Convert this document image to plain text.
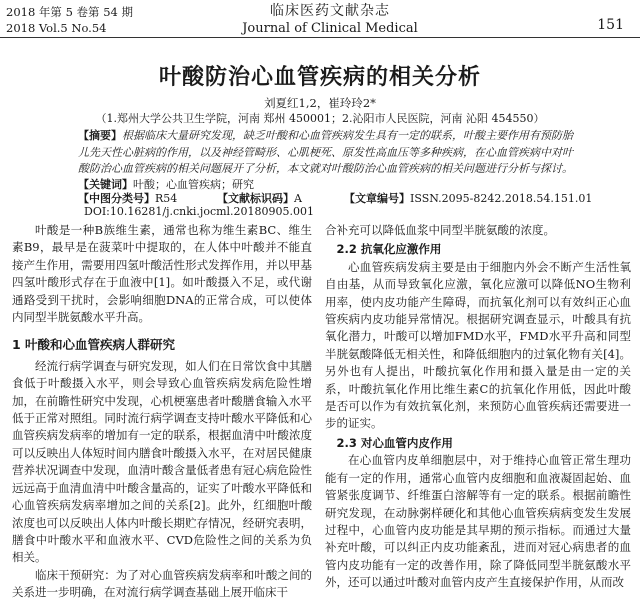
2018 年第 5 卷第 54 期
2018 Vol.5 No.54
临床医药文献杂志
Journal of Clinical Medical	151
叶酸防治心血管疾病的相关分析
刘夏红1,2，崔玲玲2*
（1.郑州大学公共卫生学院，河南 郑州 450001；2.沁阳市人民医院，河南 沁阳 454550）
【摘要】根据临床大量研究发现，缺乏叶酸和心血管疾病发生具有一定的联系，叶酸主要作用有预防胎儿先天性心脏病的作用，以及神经管畸形、心肌梗死、原发性高血压等多种疾病，在心血管疾病中对叶酸防治心血管疾病的相关问题展开了分析，本文就对叶酸防治心血管疾病的相关问题进行分析与探讨。
【关键词】叶酸；心血管疾病；研究
【中图分类号】R54	【文献标识码】A	【文章编号】ISSN.2095-8242.2018.54.151.01
DOI:10.16281/j.cnki.jocml.20180905.001

叶酸是一种B族维生素，通常也称为维生素BC、维生素B9，最早是在菠菜叶中提取的，在人体中叶酸并不能直接产生作用，需要用四氢叶酸活性形式发挥作用，并以甲基四氢叶酸形式存在于血液中[1]。如叶酸摄入不足，或代谢通路受到干扰时，会影响细胞DNA的正常合成，可以使体内同型半胱氨酸水平升高。

1 叶酸和心血管疾病人群研究

经流行病学调查与研究发现，如人们在日常饮食中其膳食低于叶酸摄入水平，则会导致心血管疾病发病危险性增加，在前瞻性研究中发现，心机梗塞患者叶酸膳食输入水平低于正常对照组。同时流行病学调查支持叶酸水平降低和心血管疾病发病率的增加有一定的联系，根据血清中叶酸浓度可以反映出人体短时间内膳食叶酸摄入水平，在对居民健康营养状况调查中发现，血清叶酸含量低者患有冠心病危险性远远高于血清血清中叶酸含量高的，证实了叶酸水平降低和心血管疾病发病率增加之间的关系[2]。此外，红细胞叶酸浓度也可以反映出人体内叶酸长期贮存情况，经研究表明，膳食中叶酸水平和血液水平、CVD危险性之间的关系为负相关。

临床干预研究：为了对心血管疾病发病率和叶酸之间的关系进一步明确，在对流行病学调查基础上展开临床干

合补充可以降低血浆中同型半胱氨酸的浓度。

2.2 抗氧化应激作用

心血管疾病发病主要是由于细胞内外会不断产生活性氧自由基，从而导致氧化应激，氧化应激可以降低NO生物利用率，使内皮功能产生障碍，而抗氧化剂可以有效纠正心血管疾病内皮功能异常情况。根据研究调查显示，叶酸具有抗氧化潜力，叶酸可以增加FMD水平，FMD水平升高和同型半胱氨酸降低无相关性，和降低细胞内的过氧化物有关[4]。另外也有人提出，叶酸抗氧化作用和摄入量是由一定的关系，叶酸抗氧化作用比维生素C的抗氧化作用低，因此叶酸是否可以作为有效抗氧化剂，来预防心血管疾病还需要进一步的证实。

2.3 对心血管内皮作用

在心血管内皮单细胞层中，对于维持心血管正常生理功能有一定的作用，通常心血管内皮细胞和血液凝固起始、血管紧张度调节、纤维蛋白溶解等有一定的联系。根据前瞻性研究发现，在动脉粥样硬化和其他心血管疾病病变发生发展过程中，心血管内皮功能是其早期的预示指标。而通过大量补充叶酸，可以纠正内皮功能紊乱，进而对冠心病患者的血管内皮功能有一定的改善作用，除了降低同型半胱氨酸水平外，还可以通过叶酸对血管内皮产生直接保护作用，从而改
